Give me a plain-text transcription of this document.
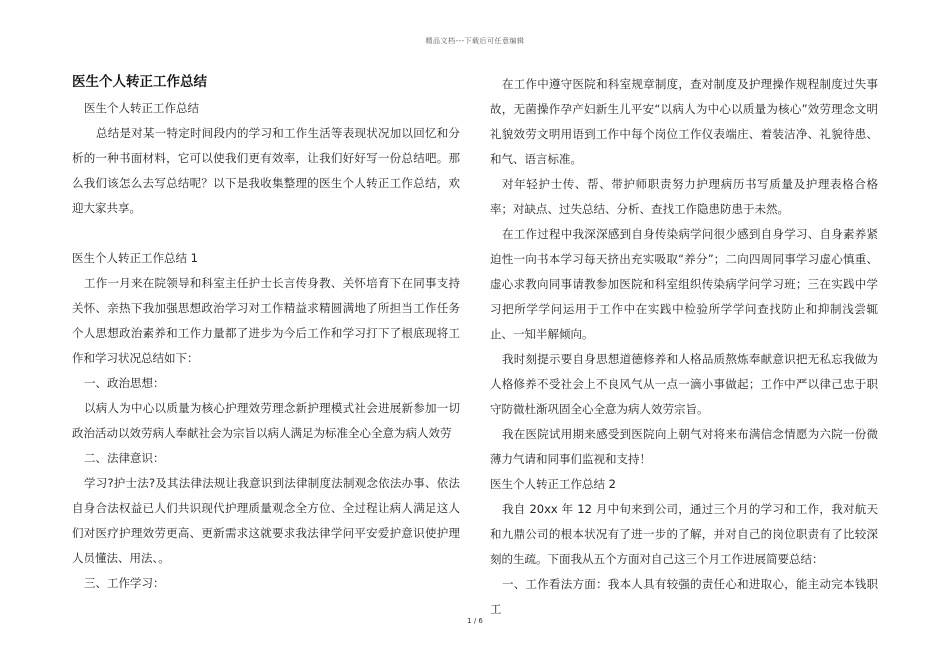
精品文档---下载后可任意编辑

医生个人转正工作总结

医生个人转正工作总结

总结是对某一特定时间段内的学习和工作生活等表现状况加以回忆和分析的一种书面材料，它可以使我们更有效率，让我们好好写一份总结吧。那么我们该怎么去写总结呢？以下是我收集整理的医生个人转正工作总结，欢迎大家共享。

医生个人转正工作总结 1

工作一月来在院领导和科室主任护士长言传身教、关怀培育下在同事支持关怀、亲热下我加强思想政治学习对工作精益求精圆满地了所担当工作任务个人思想政治素养和工作力量都了进步为今后工作和学习打下了根底现将工作和学习状况总结如下：

一、政治思想：

以病人为中心以质量为核心护理效劳理念新护理模式社会进展新参加一切政治活动以效劳病人奉献社会为宗旨以病人满足为标准全心全意为病人效劳

二、法律意识：

学习?护士法?及其法律法规让我意识到法律制度法制观念依法办事、依法自身合法权益已人们共识现代护理质量观念全方位、全过程让病人满足这人们对医疗护理效劳更高、更新需求这就要求我法律学问平安爱护意识使护理人员懂法、用法、。

三、工作学习：

在工作中遵守医院和科室规章制度，查对制度及护理操作规程制度过失事故，无菌操作孕产妇新生儿平安“以病人为中心以质量为核心”效劳理念文明礼貌效劳文明用语到工作中每个岗位工作仪表端庄、着装洁净、礼貌待患、和气、语言标准。

对年轻护士传、帮、带护师职责努力护理病历书写质量及护理表格合格率；对缺点、过失总结、分析、查找工作隐患防患于未然。

在工作过程中我深深感到自身传染病学问很少感到自身学习、自身素养紧迫性一向书本学习每天挤出充实吸取“养分”；二向四周同事学习虚心慎重、虚心求教向同事请教参加医院和科室组织传染病学问学习班；三在实践中学习把所学学问运用于工作中在实践中检验所学学问查找防止和抑制浅尝辄止、一知半解倾向。

我时刻提示要自身思想道德修养和人格品质熬炼奉献意识把无私忘我做为人格修养不受社会上不良风气从一点一滴小事做起；工作中严以律己忠于职守防微杜渐巩固全心全意为病人效劳宗旨。

我在医院试用期来感受到医院向上朝气对将来布满信念情愿为六院一份微薄力气请和同事们监视和支持！

医生个人转正工作总结 2

我自 20xx 年 12 月中旬来到公司，通过三个月的学习和工作，我对航天和九鼎公司的根本状况有了进一步的了解，并对自己的岗位职责有了比较深刻的生疏。下面我从五个方面对自己这三个月工作进展简要总结：

一、工作看法方面：我本人具有较强的责任心和进取心，能主动完本钱职工

1 / 6
